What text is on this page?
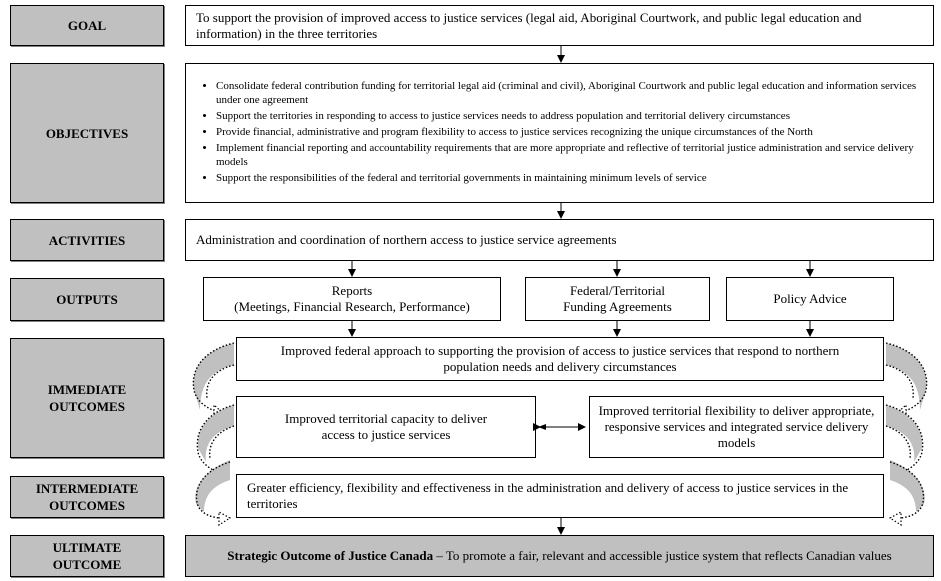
GOAL
OBJECTIVES
ACTIVITIES
OUTPUTS
IMMEDIATE OUTCOMES
INTERMEDIATE OUTCOMES
ULTIMATE OUTCOME
To support the provision of improved access to justice services (legal aid, Aboriginal Courtwork, and public legal education and information) in the three territories
• Consolidate federal contribution funding for territorial legal aid (criminal and civil), Aboriginal Courtwork and public legal education and information services under one agreement
• Support the territories in responding to access to justice services needs to address population and territorial delivery circumstances
• Provide financial, administrative and program flexibility to access to justice services recognizing the unique circumstances of the North
• Implement financial reporting and accountability requirements that are more appropriate and reflective of territorial justice administration and service delivery models
• Support the responsibilities of the federal and territorial governments in maintaining minimum levels of service
Administration and coordination of northern access to justice service agreements
Reports
(Meetings, Financial Research, Performance)
Federal/Territorial
Funding Agreements
Policy Advice
Improved federal approach to supporting the provision of access to justice services that respond to northern population needs and delivery circumstances
Improved territorial capacity to deliver access to justice services
Improved territorial flexibility to deliver appropriate, responsive services and integrated service delivery models
Greater efficiency, flexibility and effectiveness in the administration and delivery of access to justice services in the territories
Strategic Outcome of Justice Canada – To promote a fair, relevant and accessible justice system that reflects Canadian values
